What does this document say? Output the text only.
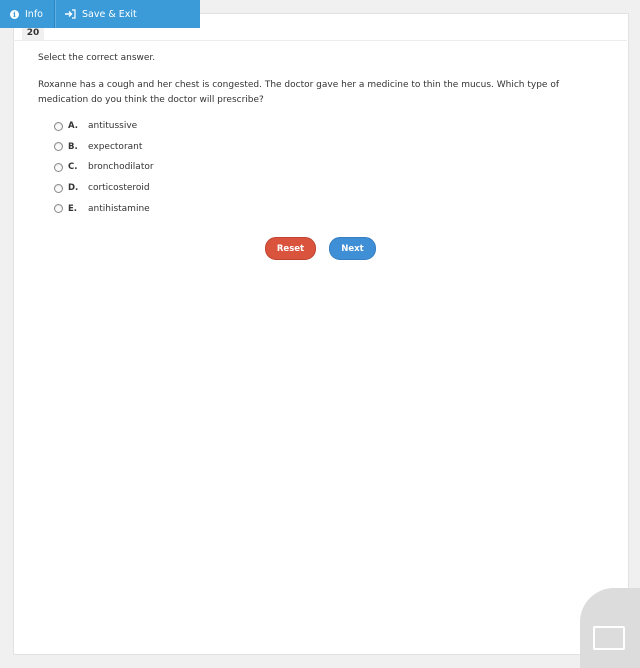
i Info	Save & Exit
20
Select the correct answer.
Roxanne has a cough and her chest is congested. The doctor gave her a medicine to thin the mucus. Which type of medication do you think the doctor will prescribe?
A.	antitussive
B.	expectorant
C.	bronchodilator
D.	corticosteroid
E.	antihistamine
Reset	Next
